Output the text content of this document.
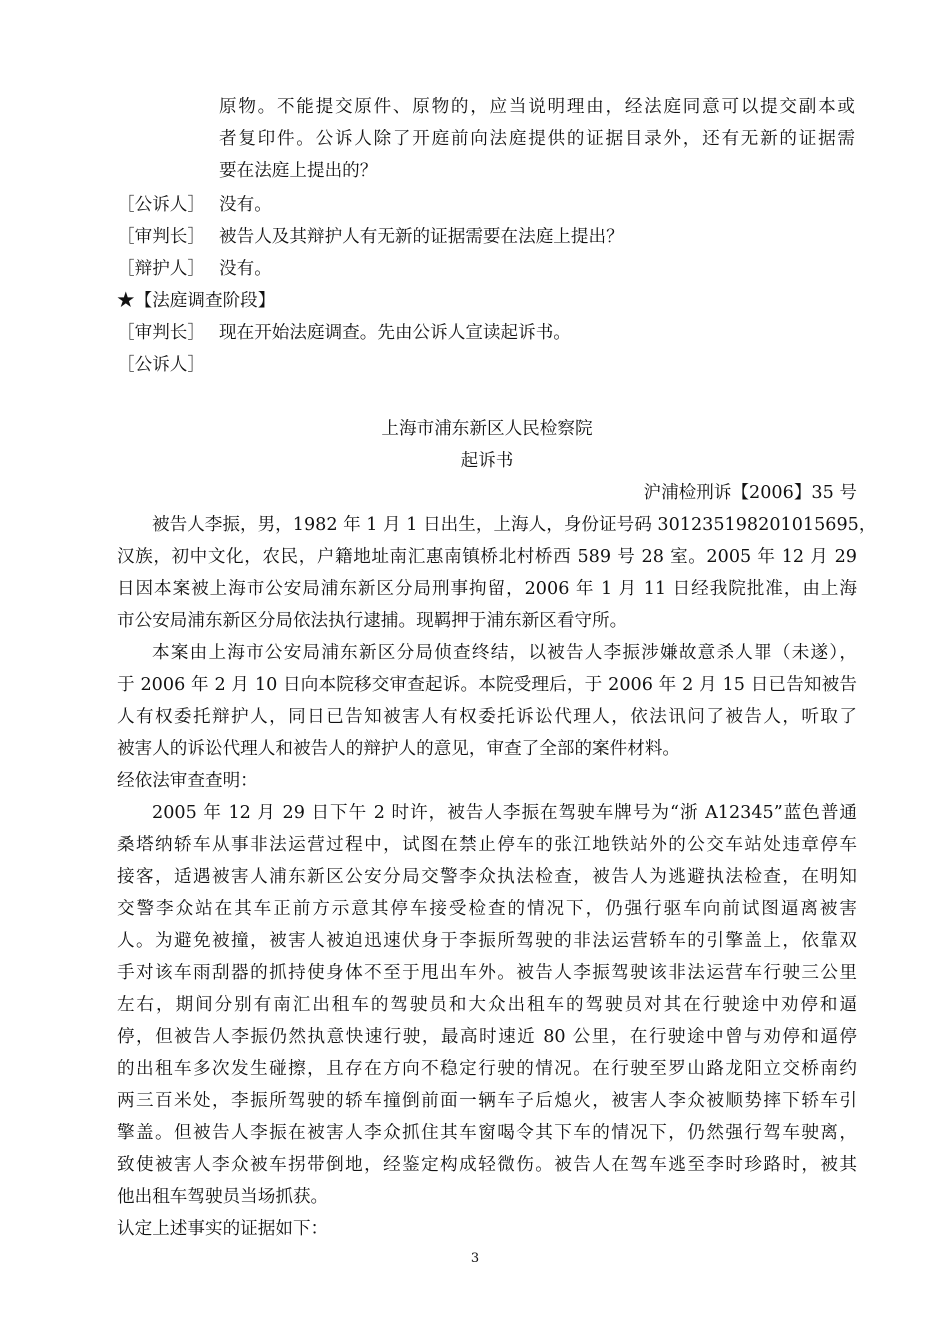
原物。不能提交原件、原物的，应当说明理由，经法庭同意可以提交副本或
者复印件。公诉人除了开庭前向法庭提供的证据目录外，还有无新的证据需
要在法庭上提出的？
［公诉人］ 没有。
［审判长］ 被告人及其辩护人有无新的证据需要在法庭上提出？
［辩护人］ 没有。
★【法庭调查阶段】
［审判长］ 现在开始法庭调查。先由公诉人宣读起诉书。
［公诉人］
上海市浦东新区人民检察院
起诉书
沪浦检刑诉【2006】35 号
被告人李振，男，1982 年 1 月 1 日出生，上海人，身份证号码 301235198201015695，
汉族，初中文化，农民，户籍地址南汇惠南镇桥北村桥西 589 号 28 室。2005 年 12 月 29
日因本案被上海市公安局浦东新区分局刑事拘留，2006 年 1 月 11 日经我院批准，由上海
市公安局浦东新区分局依法执行逮捕。现羁押于浦东新区看守所。
本案由上海市公安局浦东新区分局侦查终结，以被告人李振涉嫌故意杀人罪（未遂），
于 2006 年 2 月 10 日向本院移交审查起诉。本院受理后，于 2006 年 2 月 15 日已告知被告
人有权委托辩护人，同日已告知被害人有权委托诉讼代理人，依法讯问了被告人，听取了
被害人的诉讼代理人和被告人的辩护人的意见，审查了全部的案件材料。
经依法审查查明：
2005 年 12 月 29 日下午 2 时许，被告人李振在驾驶车牌号为“浙 A12345”蓝色普通
桑塔纳轿车从事非法运营过程中，试图在禁止停车的张江地铁站外的公交车站处违章停车
接客，适遇被害人浦东新区公安分局交警李众执法检查，被告人为逃避执法检查，在明知
交警李众站在其车正前方示意其停车接受检查的情况下，仍强行驱车向前试图逼离被害
人。为避免被撞，被害人被迫迅速伏身于李振所驾驶的非法运营轿车的引擎盖上，依靠双
手对该车雨刮器的抓持使身体不至于甩出车外。被告人李振驾驶该非法运营车行驶三公里
左右，期间分别有南汇出租车的驾驶员和大众出租车的驾驶员对其在行驶途中劝停和逼
停，但被告人李振仍然执意快速行驶，最高时速近 80 公里，在行驶途中曾与劝停和逼停
的出租车多次发生碰擦，且存在方向不稳定行驶的情况。在行驶至罗山路龙阳立交桥南约
两三百米处，李振所驾驶的轿车撞倒前面一辆车子后熄火，被害人李众被顺势摔下轿车引
擎盖。但被告人李振在被害人李众抓住其车窗喝令其下车的情况下，仍然强行驾车驶离，
致使被害人李众被车拐带倒地，经鉴定构成轻微伤。被告人在驾车逃至李时珍路时，被其
他出租车驾驶员当场抓获。
认定上述事实的证据如下：
3
